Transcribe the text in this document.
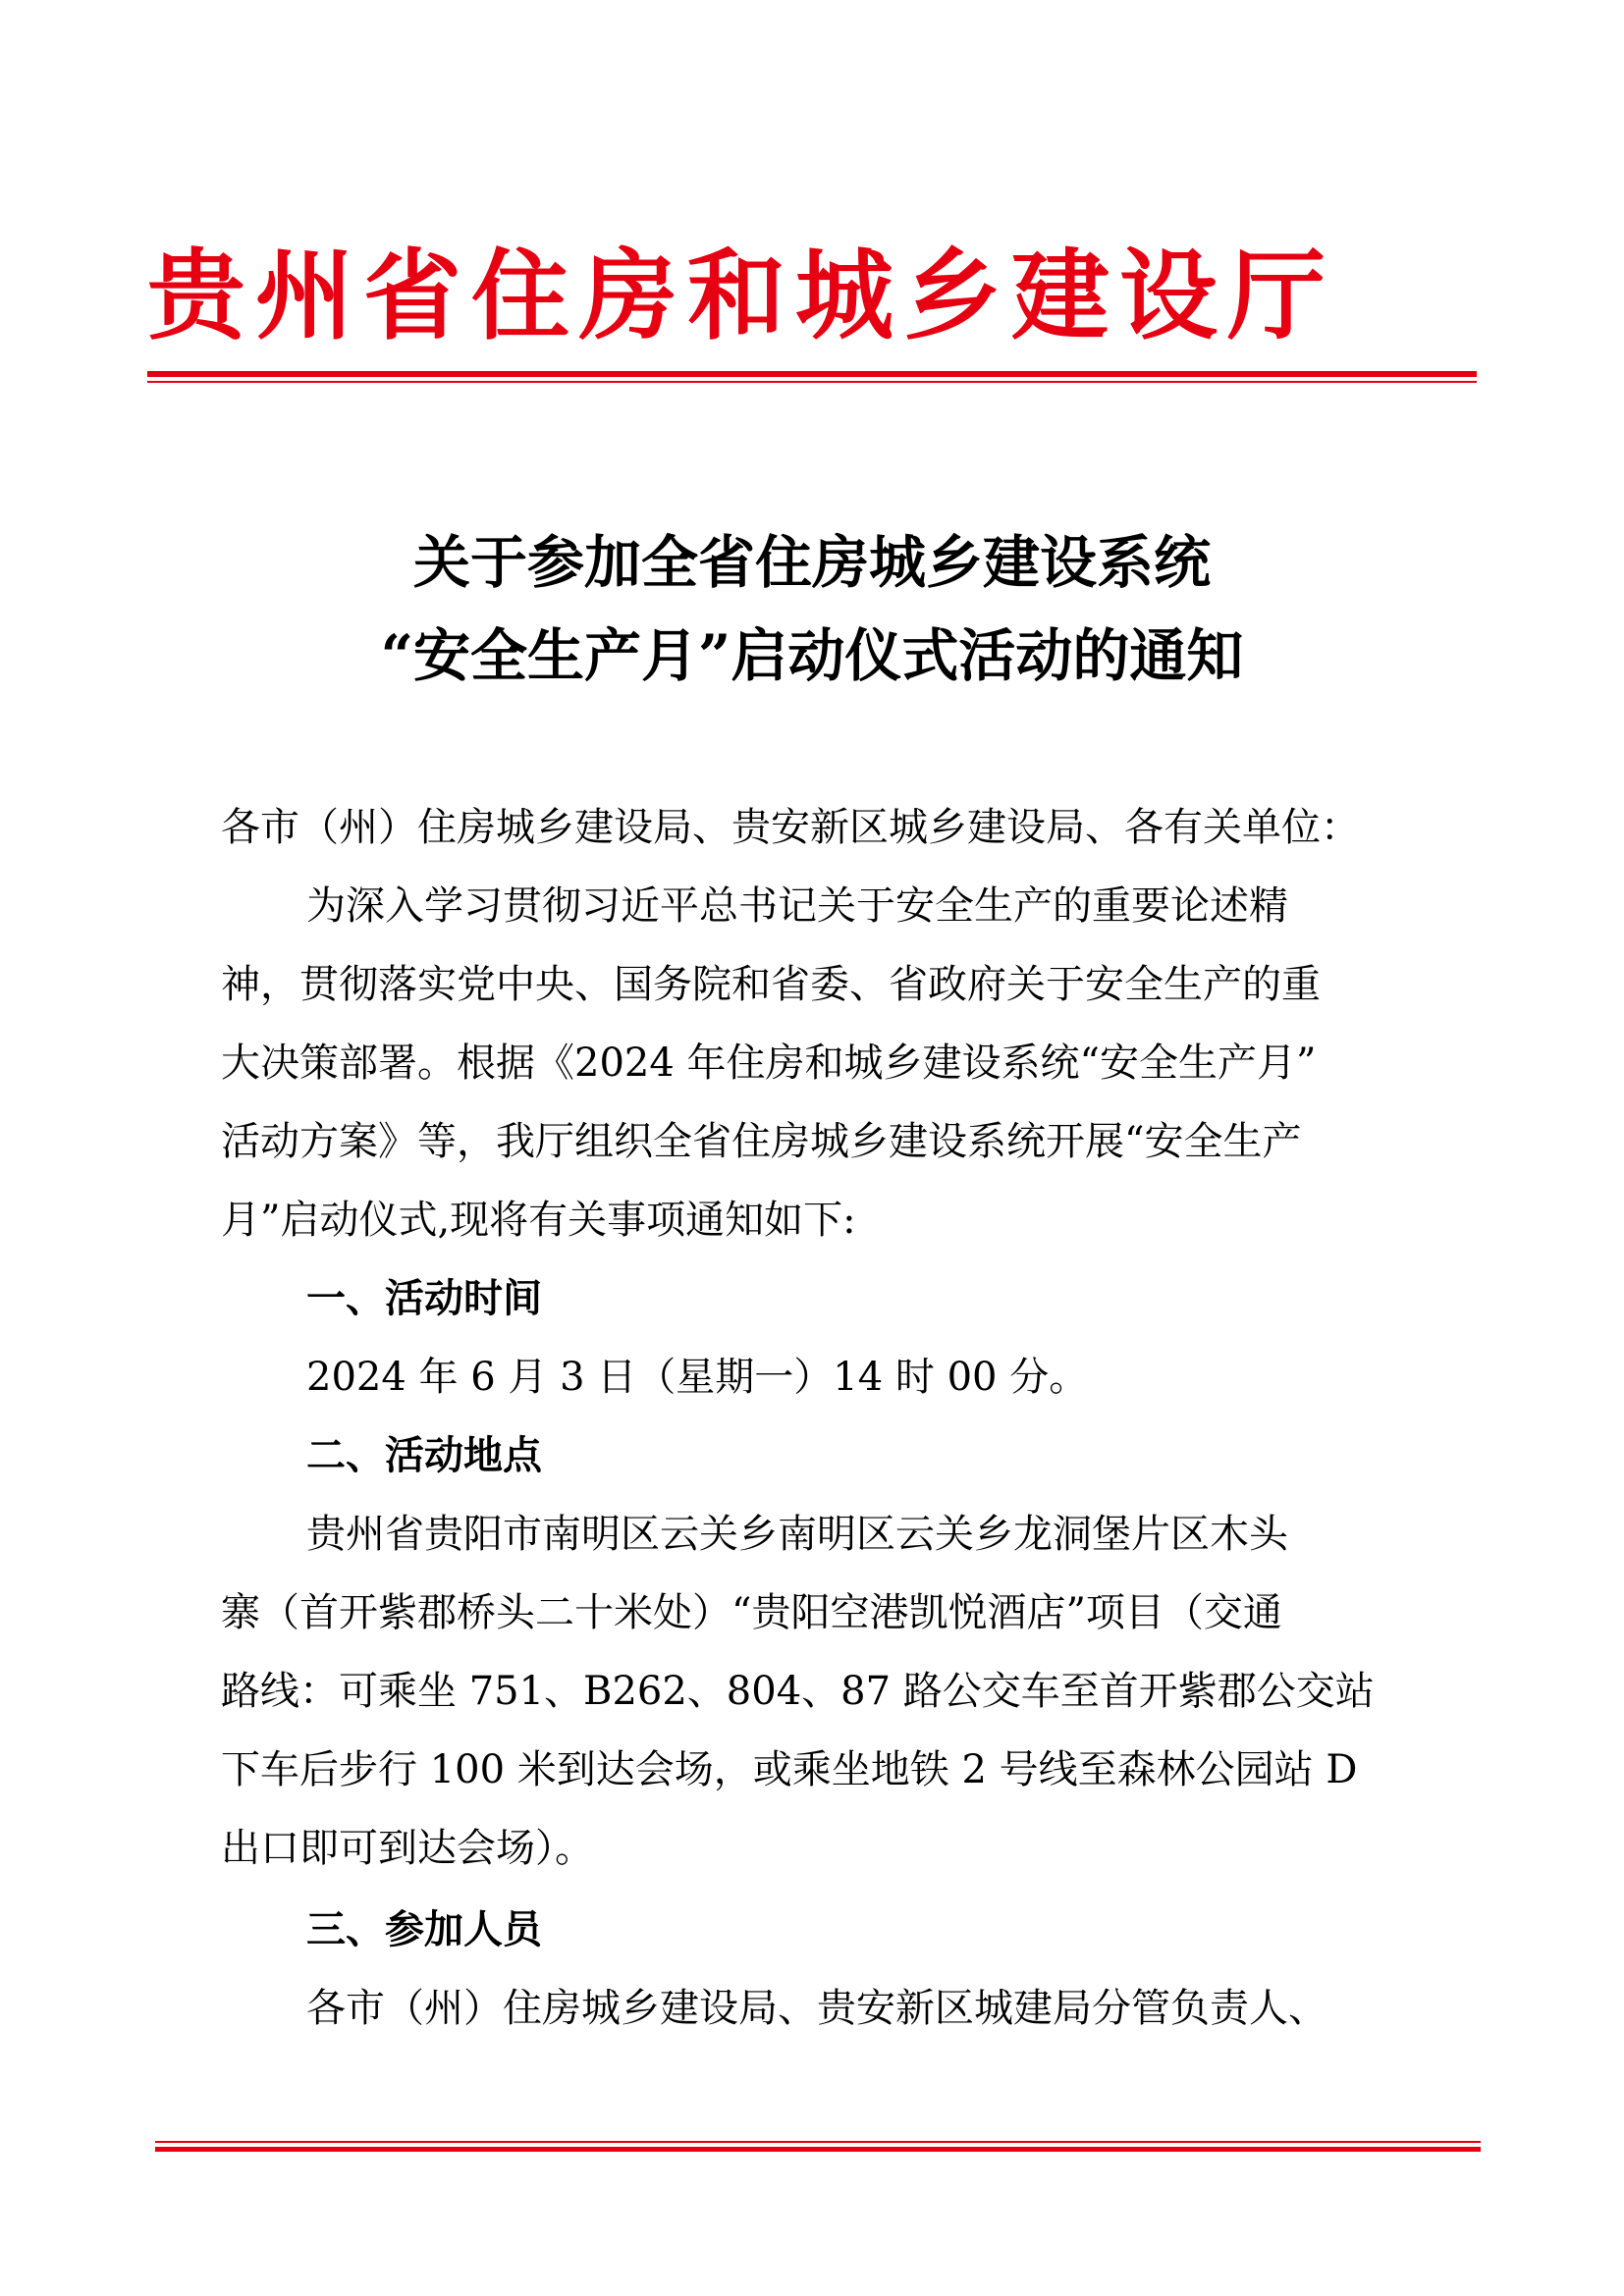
贵州省住房和城乡建设厅
关于参加全省住房城乡建设系统
“安全生产月”启动仪式活动的通知
各市（州）住房城乡建设局、贵安新区城乡建设局、各有关单位：
为深入学习贯彻习近平总书记关于安全生产的重要论述精
神，贯彻落实党中央、国务院和省委、省政府关于安全生产的重
大决策部署。根据《2024 年住房和城乡建设系统“安全生产月”
活动方案》等，我厅组织全省住房城乡建设系统开展“安全生产
月”启动仪式,现将有关事项通知如下:
一、活动时间
2024 年 6 月 3 日（星期一）14 时 00 分。
二、活动地点
贵州省贵阳市南明区云关乡南明区云关乡龙洞堡片区木头
寨（首开紫郡桥头二十米处）“贵阳空港凯悦酒店”项目（交通
路线：可乘坐 751、B262、804、87 路公交车至首开紫郡公交站
下车后步行 100 米到达会场，或乘坐地铁 2 号线至森林公园站 D
出口即可到达会场）。
三、参加人员
各市（州）住房城乡建设局、贵安新区城建局分管负责人、
